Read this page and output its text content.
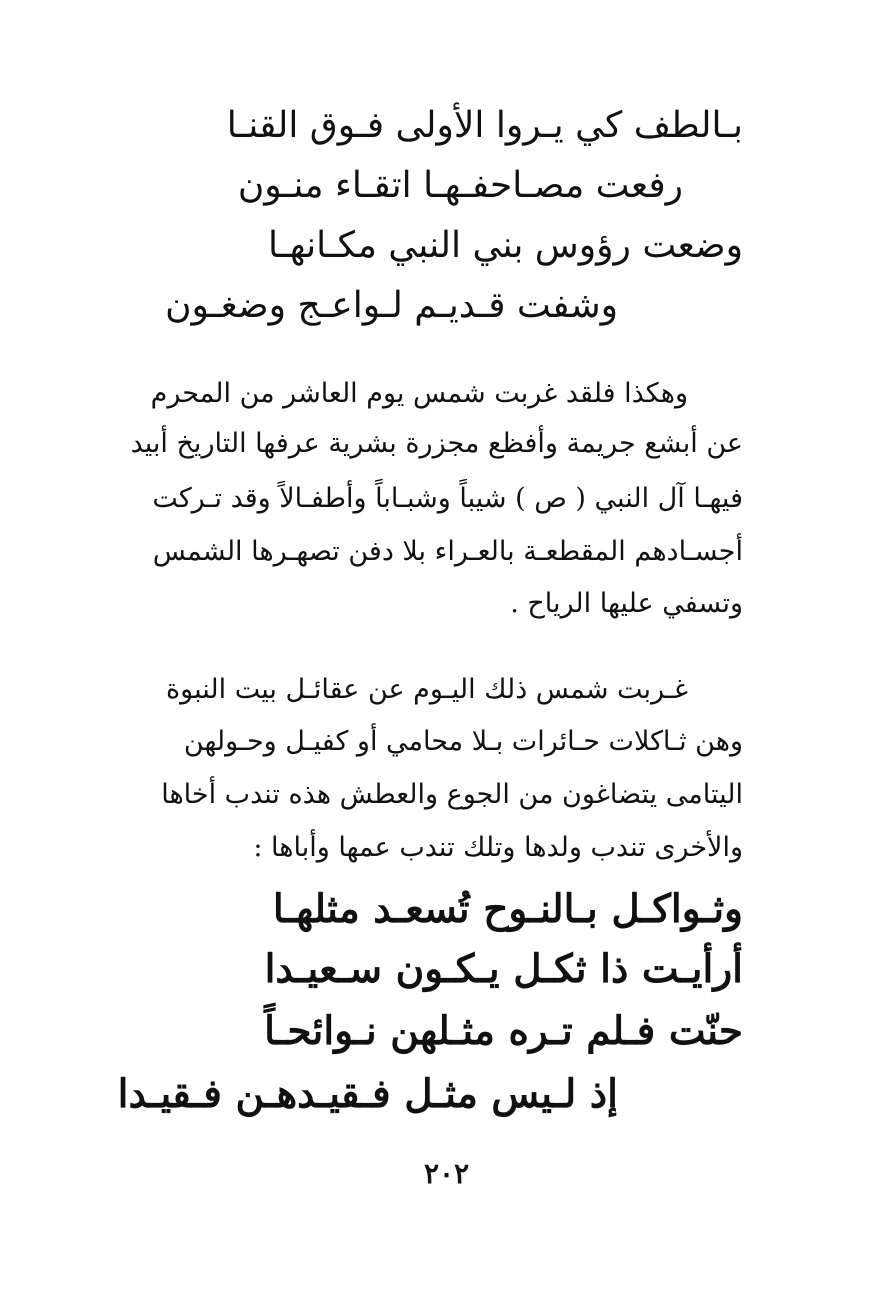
بـالطف كي يـروا الأولى فـوق القنـا
رفعت مصـاحفـهـا اتقـاء منـون
وضعت رؤوس بني النبي مكـانهـا
وشفت قـديـم لـواعـج وضغـون
وهكذا فلقد غربت شمس يوم العاشر من المحرم
عن أبشع جريمة وأفظع مجزرة بشرية عرفها التاريخ أبيد
فيهـا آل النبي ( ص ) شيباً وشبـاباً وأطفـالاً وقد تـركت
أجسـادهم المقطعـة بالعـراء بلا دفن تصهـرها الشمس
وتسفي عليها الرياح .
غـربت شمس ذلك اليـوم عن عقائـل بيت النبوة
وهن ثـاكلات حـائرات بـلا محامي أو كفيـل وحـولهن
اليتامى يتضاغون من الجوع والعطش هذه تندب أخاها
والأخرى تندب ولدها وتلك تندب عمها وأباها :
وثـواكـل بـالنـوح تُسعـد مثلهـا
أرأيـت ذا ثكـل يـكـون سـعيـدا
حنّت فـلم تـره مثـلهن نـوائحـاً
إذ لـيس مثـل فـقيـدهـن فـقيـدا
٢٠٢
